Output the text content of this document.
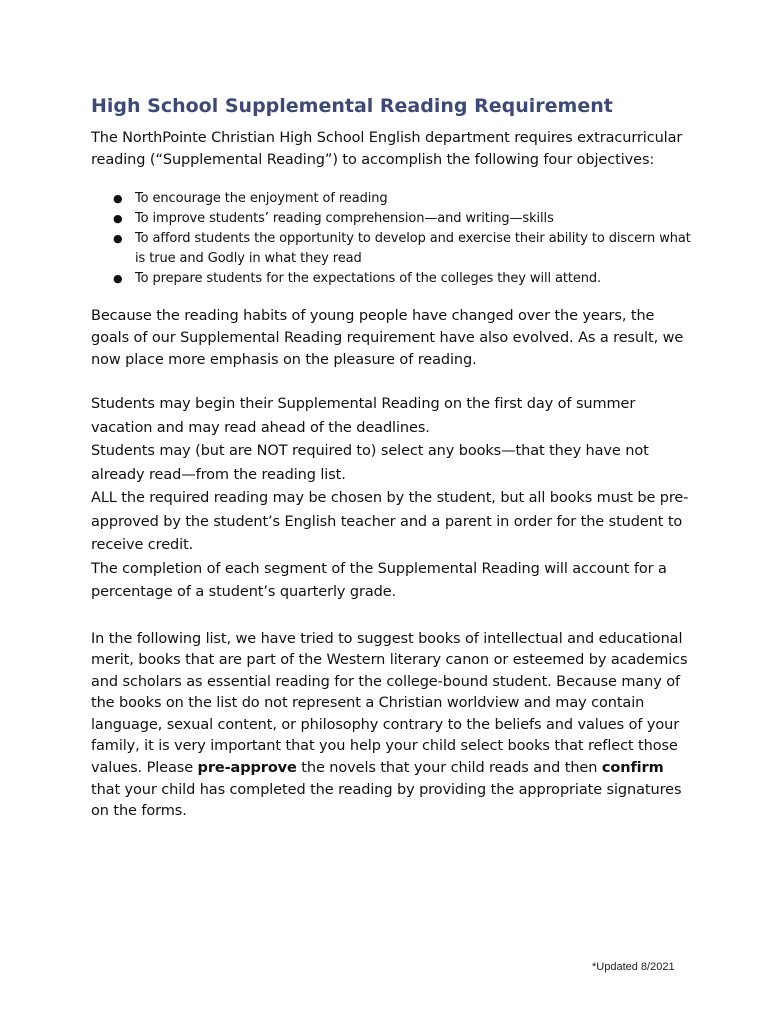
High School Supplemental Reading Requirement

The NorthPointe Christian High School English department requires extracurricular reading (“Supplemental Reading”) to accomplish the following four objectives:

● To encourage the enjoyment of reading
● To improve students’ reading comprehension—and writing—skills
● To afford students the opportunity to develop and exercise their ability to discern what is true and Godly in what they read
● To prepare students for the expectations of the colleges they will attend.

Because the reading habits of young people have changed over the years, the goals of our Supplemental Reading requirement have also evolved. As a result, we now place more emphasis on the pleasure of reading.

Students may begin their Supplemental Reading on the first day of summer vacation and may read ahead of the deadlines.

Students may (but are NOT required to) select any books—that they have not already read—from the reading list.

ALL the required reading may be chosen by the student, but all books must be pre-approved by the student’s English teacher and a parent in order for the student to receive credit.

The completion of each segment of the Supplemental Reading will account for a percentage of a student’s quarterly grade.

In the following list, we have tried to suggest books of intellectual and educational merit, books that are part of the Western literary canon or esteemed by academics and scholars as essential reading for the college-bound student. Because many of the books on the list do not represent a Christian worldview and may contain language, sexual content, or philosophy contrary to the beliefs and values of your family, it is very important that you help your child select books that reflect those values. Please pre-approve the novels that your child reads and then confirm that your child has completed the reading by providing the appropriate signatures on the forms.

*Updated 8/2021
